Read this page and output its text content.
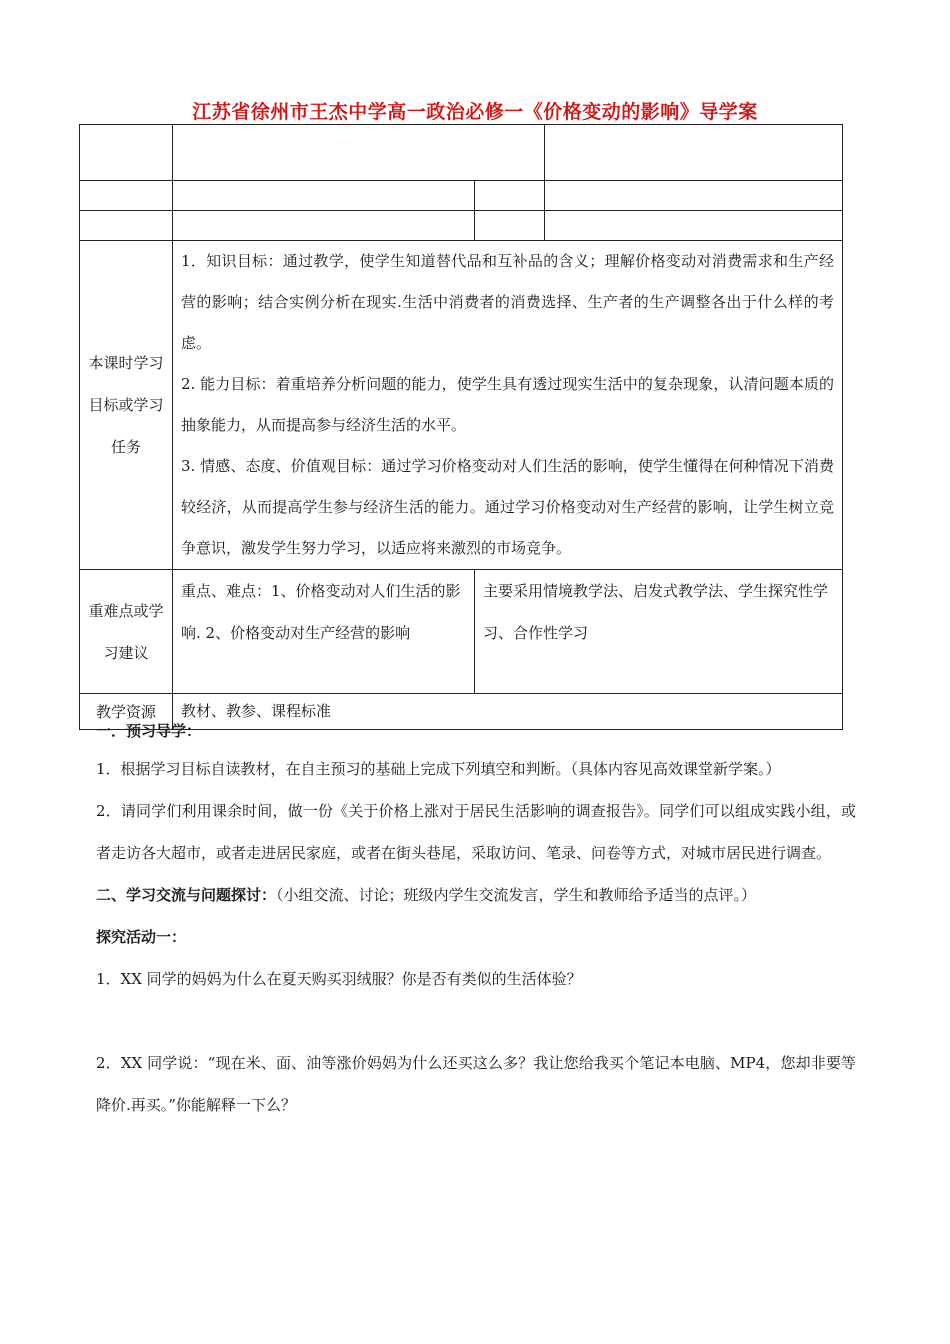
江苏省徐州市王杰中学高一政治必修一《价格变动的影响》导学案

本课时学习目标或学习任务	1．知识目标：通过教学，使学生知道替代品和互补品的含义；理解价格变动对消费需求和生产经营的影响；结合实例分析在现实.生活中消费者的消费选择、生产者的生产调整各出于什么样的考虑。

2. 能力目标：着重培养分析问题的能力，使学生具有透过现实生活中的复杂现象，认清问题本质的抽象能力，从而提高参与经济生活的水平。

3. 情感、态度、价值观目标：通过学习价格变动对人们生活的影响，使学生懂得在何种情况下消费较经济，从而提高学生参与经济生活的能力。通过学习价格变动对生产经营的影响，让学生树立竞争意识，激发学生努力学习，以适应将来激烈的市场竞争。		

重难点或学习建议	重点、难点：1、价格变动对人们生活的影响. 2、价格变动对生产经营的影响	主要采用情境教学法、启发式教学法、学生探究性学习、合作性学习	

教学资源	教材、教参、课程标准		

一．预习导学：

1．根据学习目标自读教材，在自主预习的基础上完成下列填空和判断。（具体内容见高效课堂新学案。）

2．请同学们利用课余时间，做一份《关于价格上涨对于居民生活影响的调查报告》。同学们可以组成实践小组，或者走访各大超市，或者走进居民家庭，或者在街头巷尾，采取访问、笔录、问卷等方式，对城市居民进行调查。

二、学习交流与问题探讨：（小组交流、讨论；班级内学生交流发言，学生和教师给予适当的点评。）

探究活动一：

1．XX 同学的妈妈为什么在夏天购买羽绒服？你是否有类似的生活体验？

2．XX 同学说：“现在米、面、油等涨价妈妈为什么还买这么多？我让您给我买个笔记本电脑、MP4，您却非要等降价.再买。”你能解释一下么？
